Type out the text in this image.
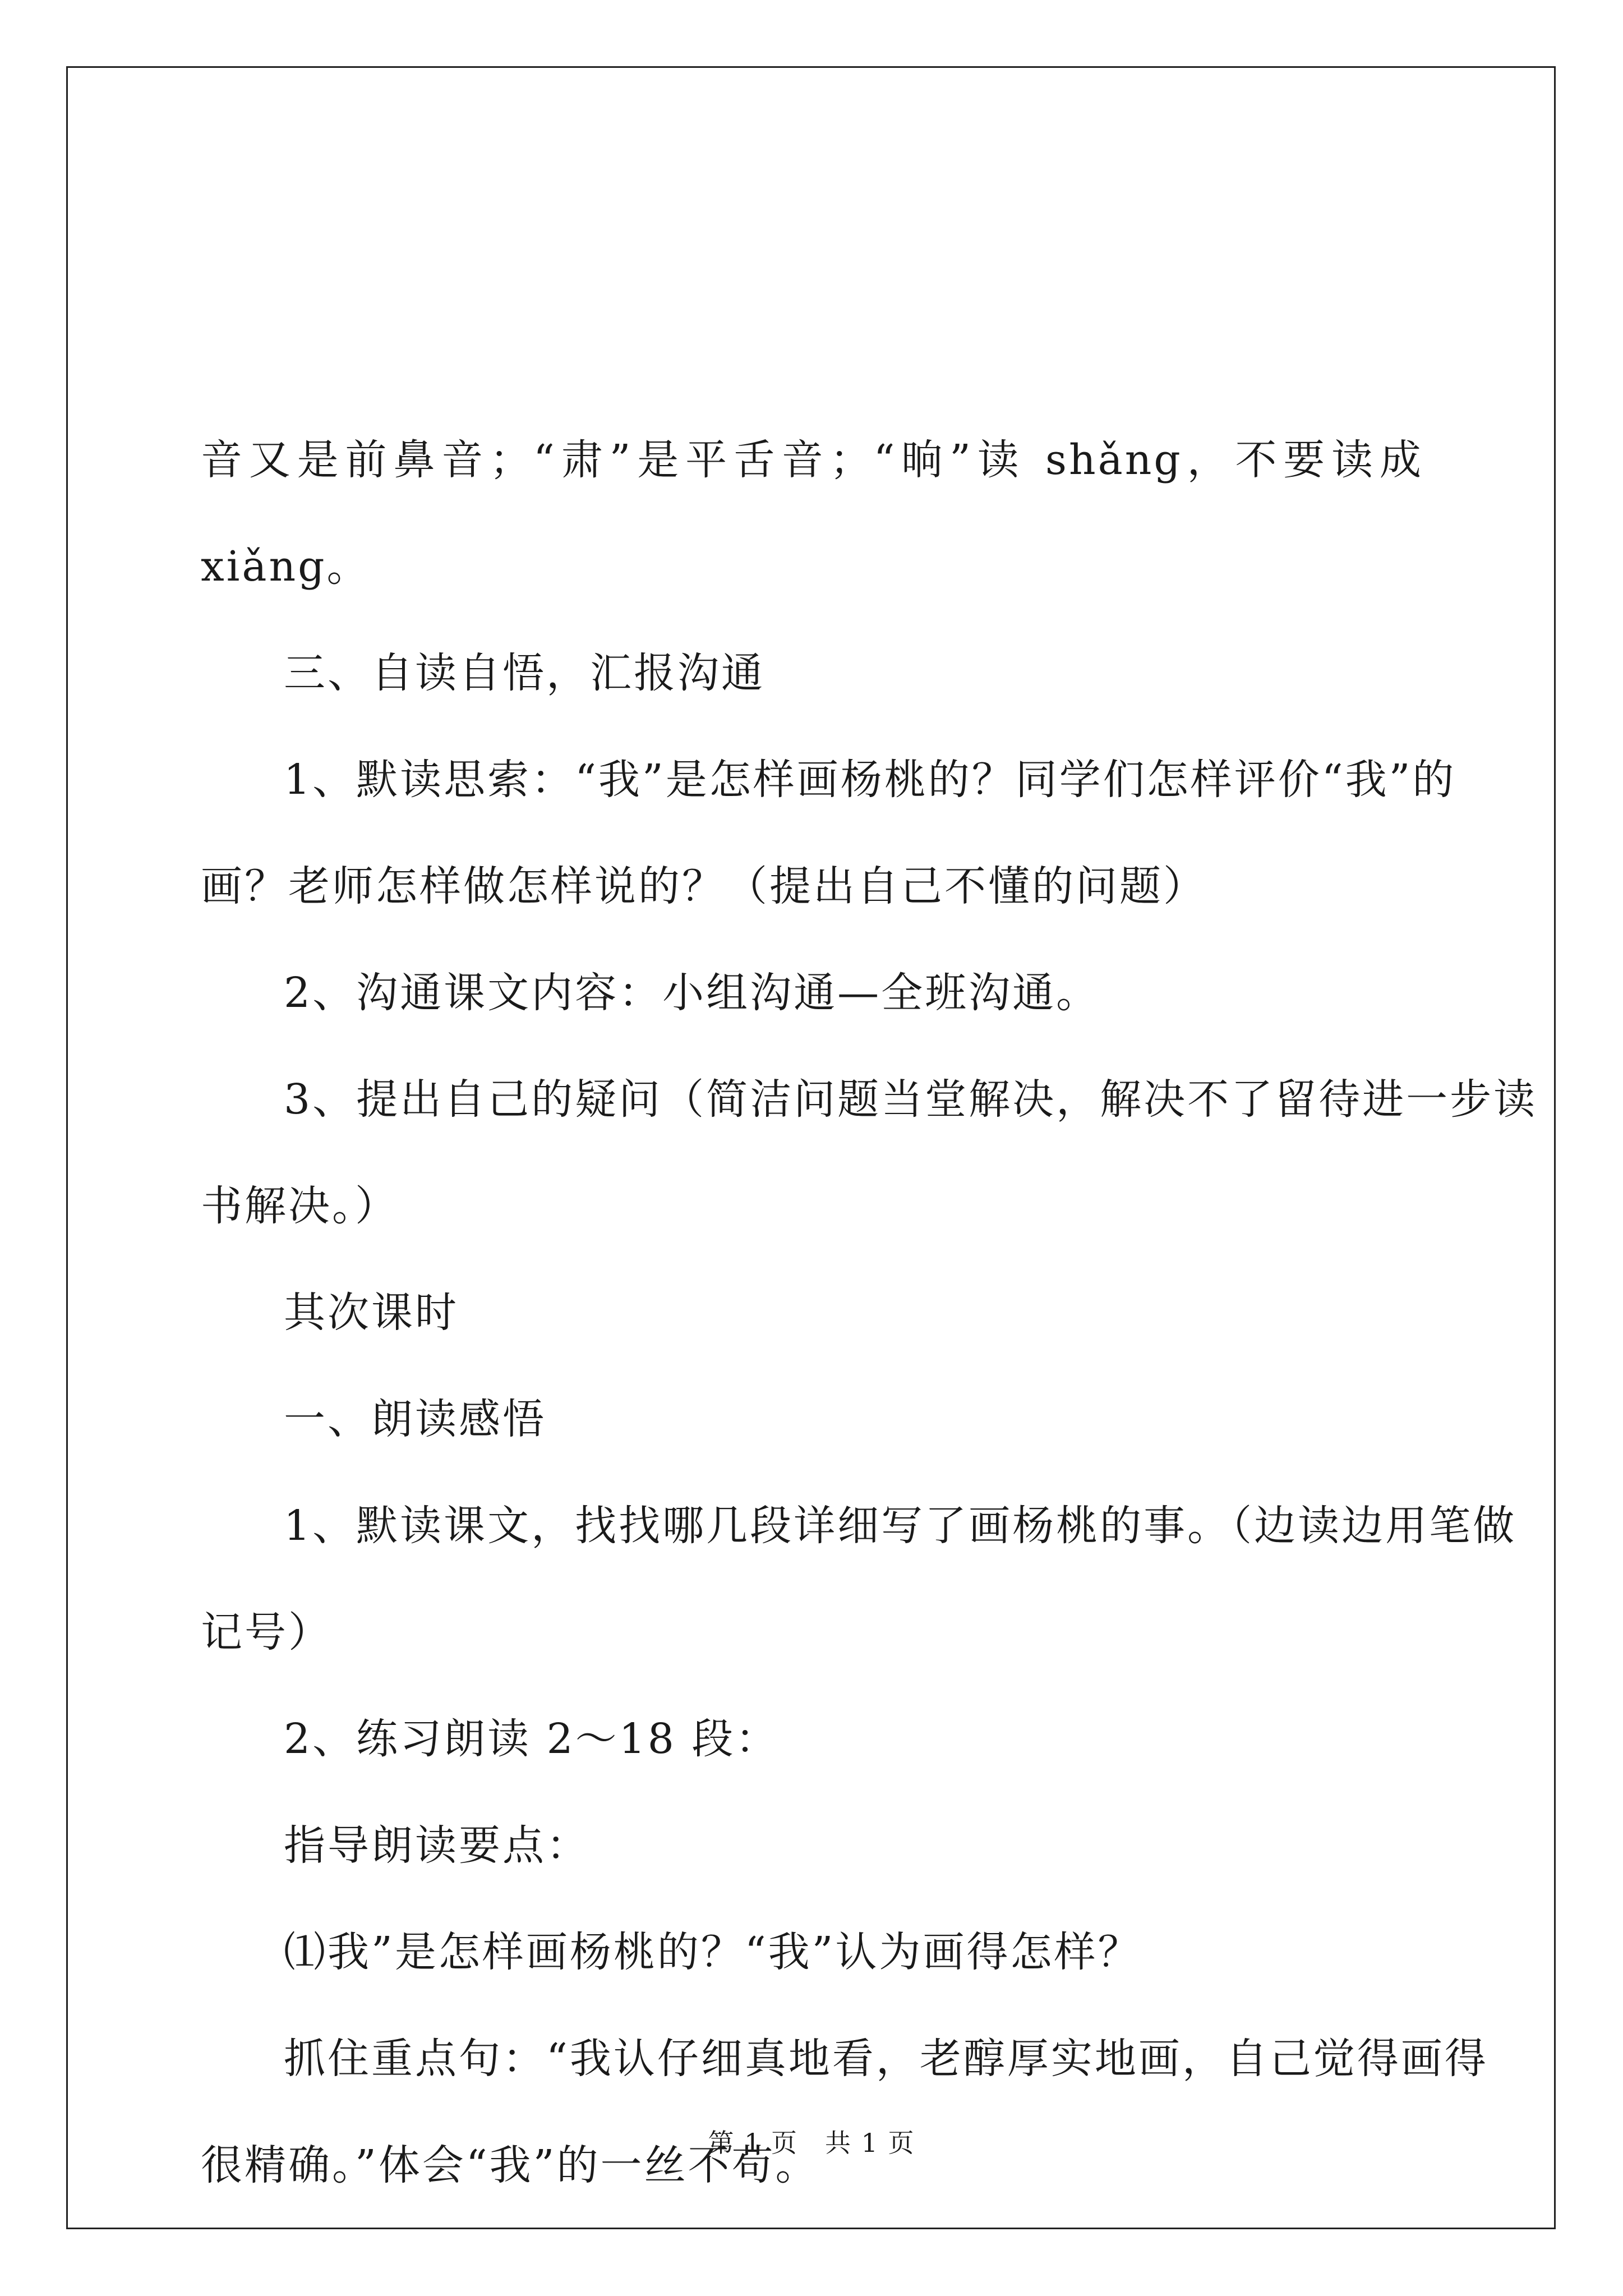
音又是前鼻音；“肃”是平舌音；“晌”读 shǎng，不要读成
xiǎng。
三、自读自悟，汇报沟通
1、默读思索：“我”是怎样画杨桃的？同学们怎样评价“我”的
画？老师怎样做怎样说的？（提出自己不懂的问题）
2、沟通课文内容：小组沟通—全班沟通。
3、提出自己的疑问（简洁问题当堂解决，解决不了留待进一步读
书解决。）
其次课时
一、朗读感悟
1、默读课文，找找哪几段详细写了画杨桃的事。（边读边用笔做
记号）
2、练习朗读 2～18 段：
指导朗读要点：
⑴我”是怎样画杨桃的？“我”认为画得怎样？
抓住重点句：“我认仔细真地看，老醇厚实地画，自己觉得画得
很精确。”体会“我”的一丝不苟。
第 1 页　共 1 页
